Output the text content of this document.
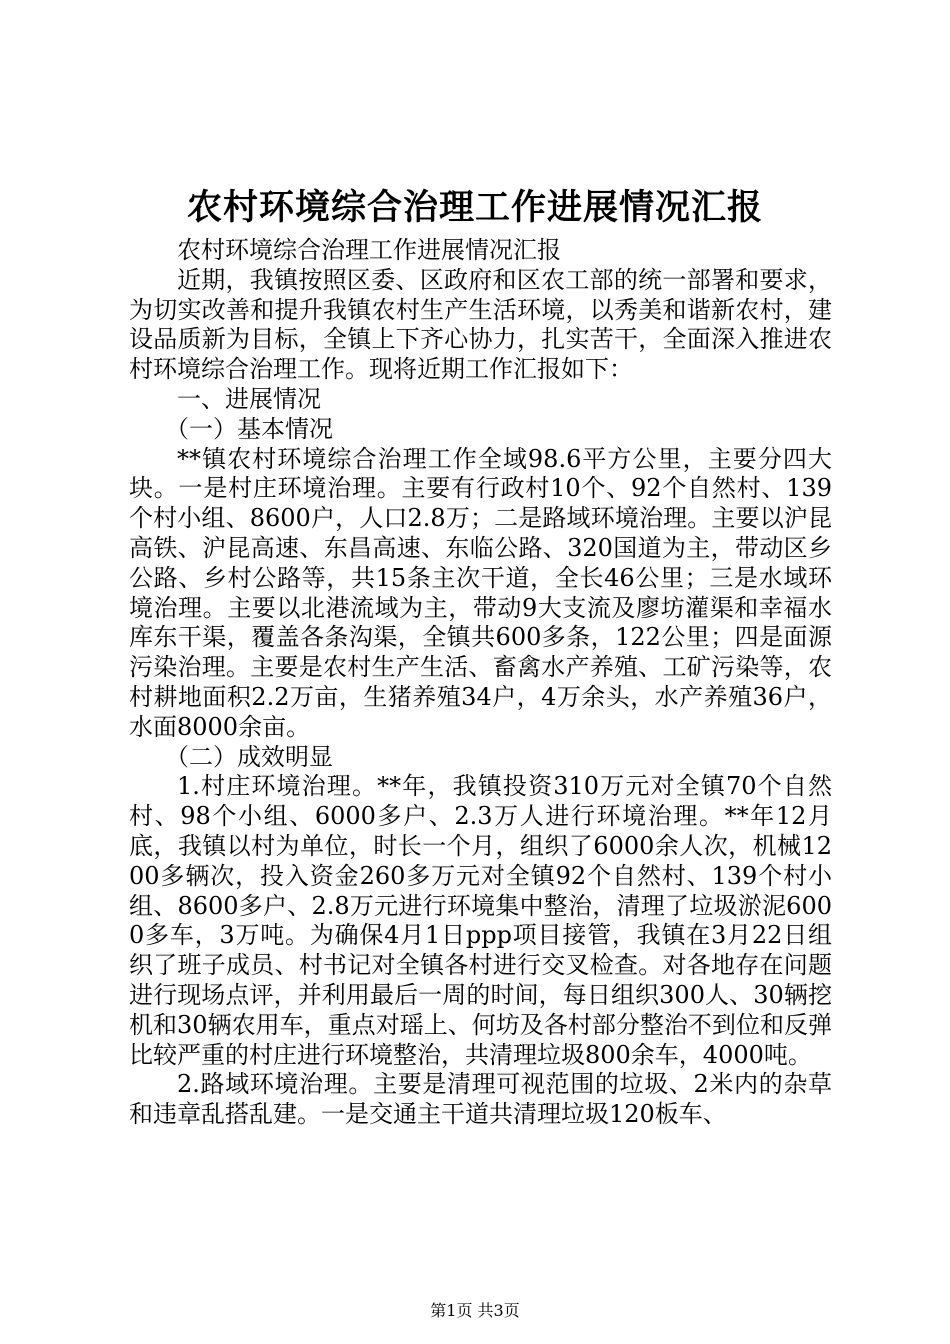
农村环境综合治理工作进展情况汇报

农村环境综合治理工作进展情况汇报

近期，我镇按照区委、区政府和区农工部的统一部署和要求，为切实改善和提升我镇农村生产生活环境，以秀美和谐新农村，建设品质新为目标，全镇上下齐心协力，扎实苦干，全面深入推进农村环境综合治理工作。现将近期工作汇报如下：

一、进展情况

（一）基本情况

**镇农村环境综合治理工作全域98.6平方公里，主要分四大块。一是村庄环境治理。主要有行政村10个、92个自然村、139个村小组、8600户，人口2.8万；二是路域环境治理。主要以沪昆高铁、沪昆高速、东昌高速、东临公路、320国道为主，带动区乡公路、乡村公路等，共15条主次干道，全长46公里；三是水域环境治理。主要以北港流域为主，带动9大支流及廖坊灌渠和幸福水库东干渠，覆盖各条沟渠，全镇共600多条，122公里；四是面源污染治理。主要是农村生产生活、畜禽水产养殖、工矿污染等，农村耕地面积2.2万亩，生猪养殖34户，4万余头，水产养殖36户，水面8000余亩。

（二）成效明显

1.村庄环境治理。**年，我镇投资310万元对全镇70个自然村、98个小组、6000多户、2.3万人进行环境治理。**年12月底，我镇以村为单位，时长一个月，组织了6000余人次，机械1200多辆次，投入资金260多万元对全镇92个自然村、139个村小组、8600多户、2.8万元进行环境集中整治，清理了垃圾淤泥6000多车，3万吨。为确保4月1日ppp项目接管，我镇在3月22日组织了班子成员、村书记对全镇各村进行交叉检查。对各地存在问题进行现场点评，并利用最后一周的时间，每日组织300人、30辆挖机和30辆农用车，重点对瑶上、何坊及各村部分整治不到位和反弹比较严重的村庄进行环境整治，共清理垃圾800余车，4000吨。

2.路域环境治理。主要是清理可视范围的垃圾、2米内的杂草和违章乱搭乱建。一是交通主干道共清理垃圾120板车、

第1页 共3页
